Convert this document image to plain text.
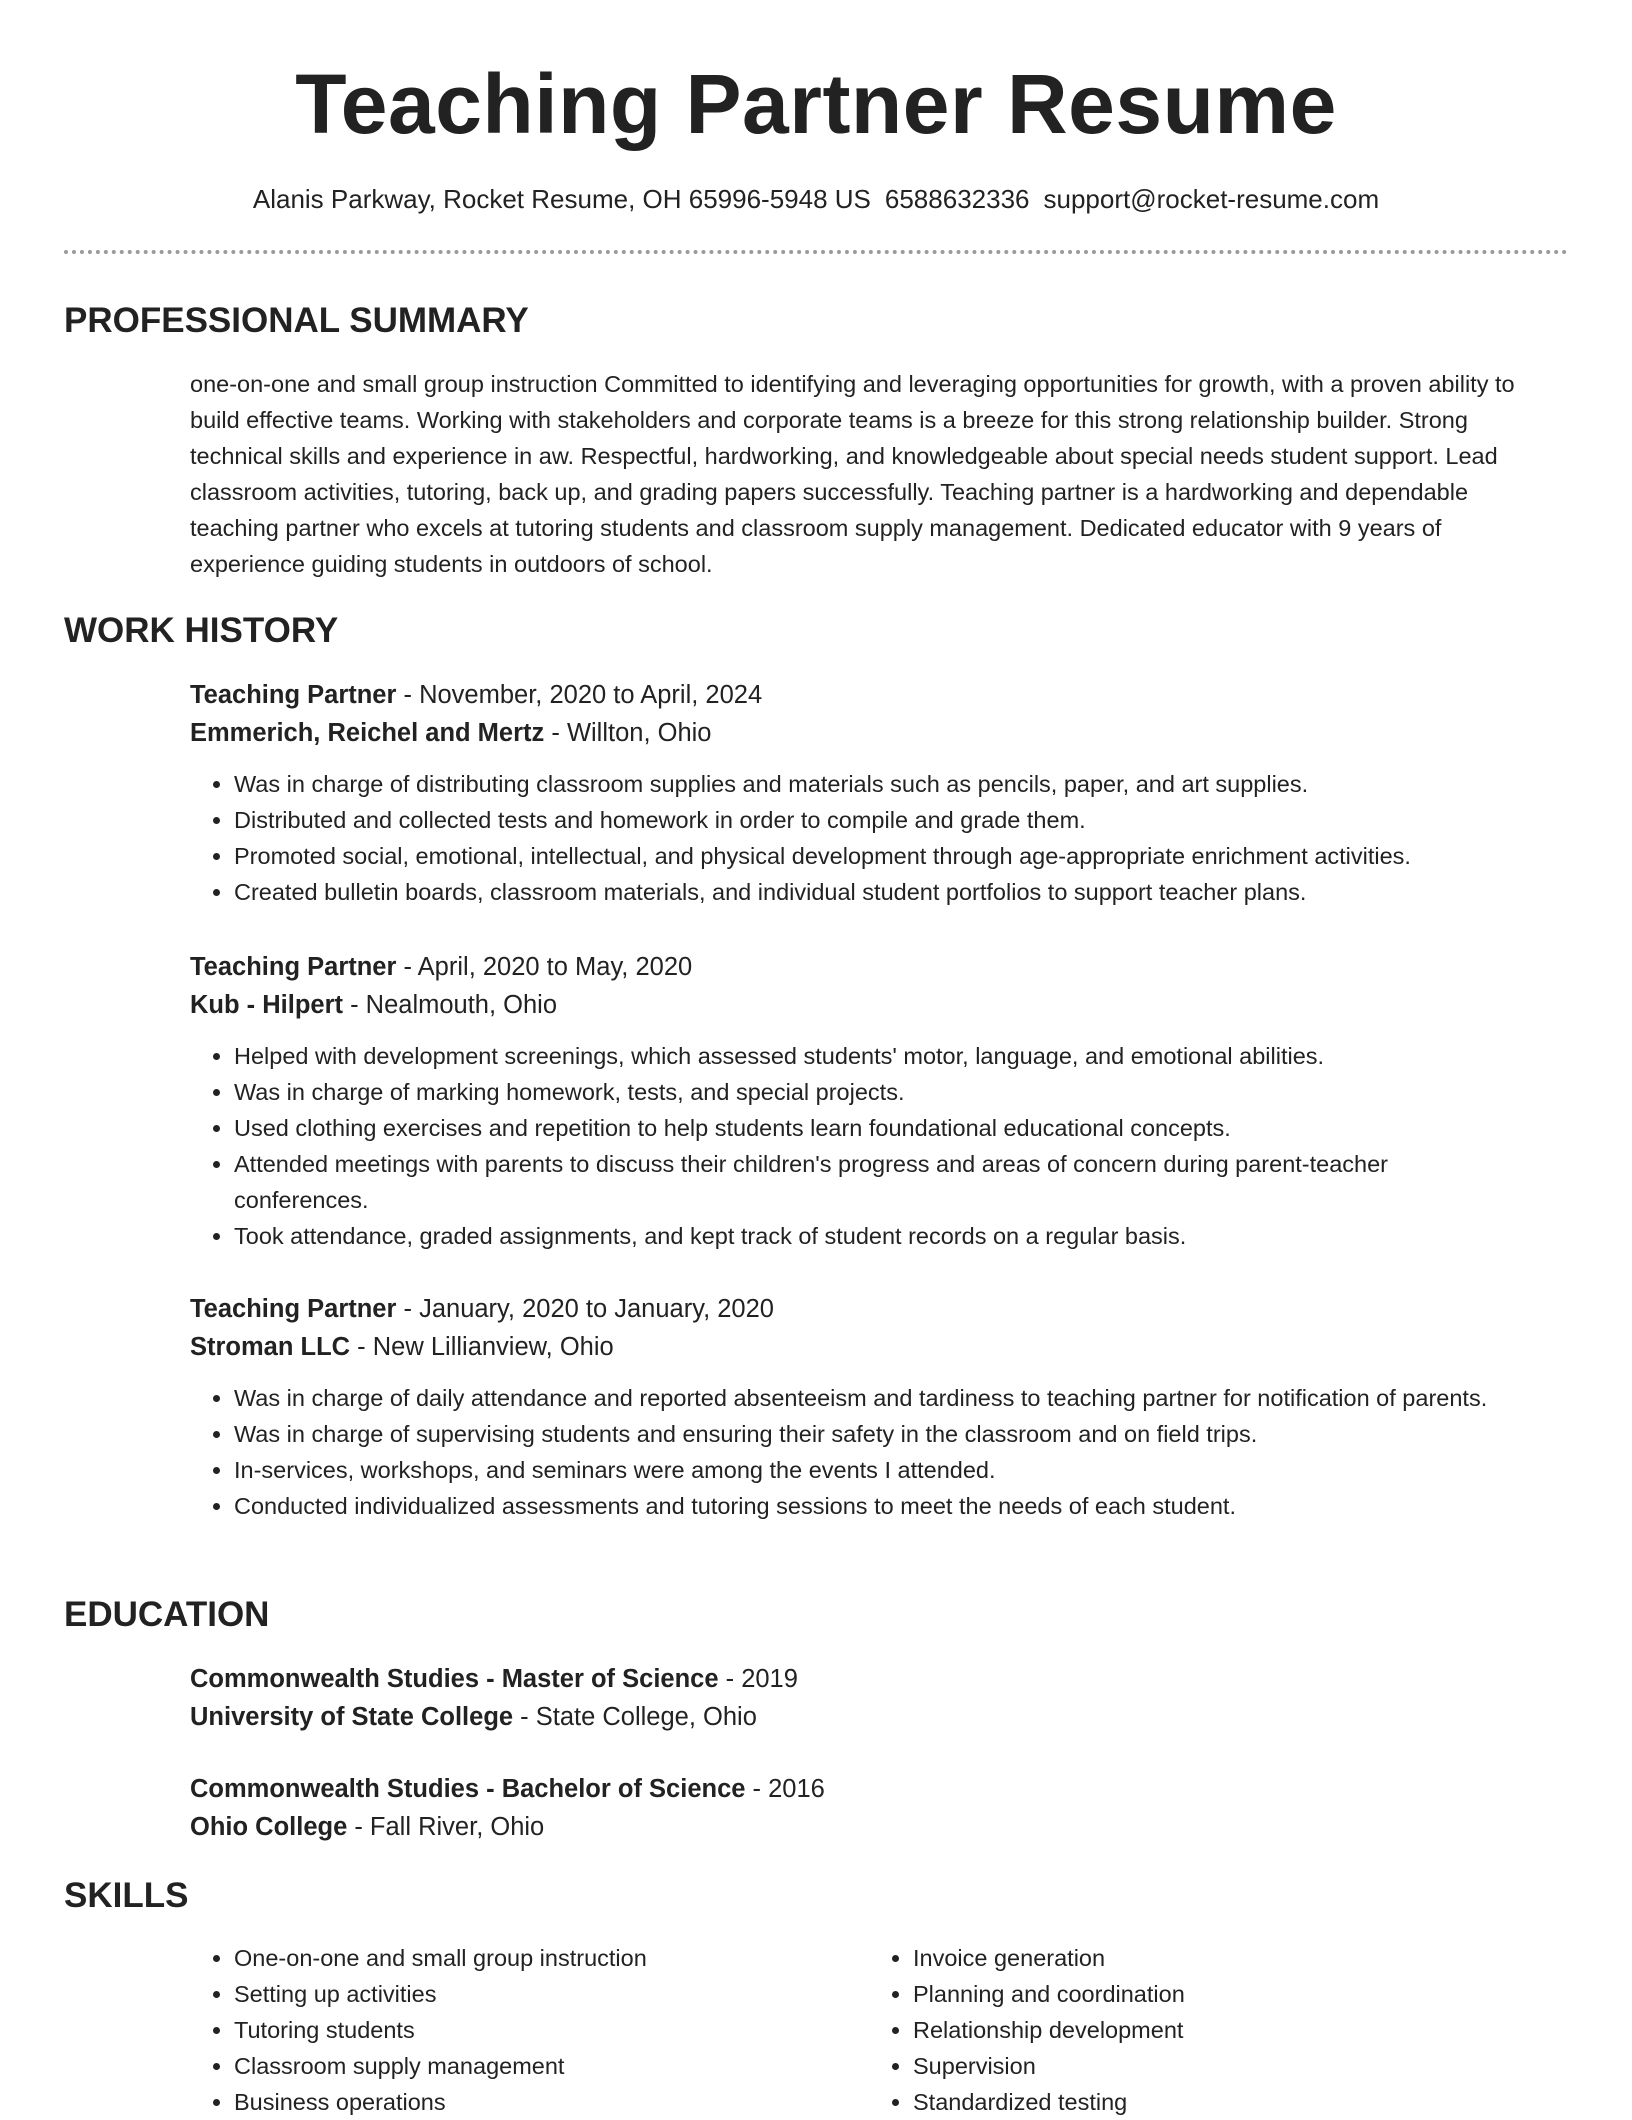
Teaching Partner Resume
Alanis Parkway, Rocket Resume, OH 65996-5948 US 6588632336 support@rocket-resume.com
PROFESSIONAL SUMMARY
one-on-one and small group instruction Committed to identifying and leveraging opportunities for growth, with a proven ability to build effective teams. Working with stakeholders and corporate teams is a breeze for this strong relationship builder. Strong technical skills and experience in aw. Respectful, hardworking, and knowledgeable about special needs student support. Lead classroom activities, tutoring, back up, and grading papers successfully. Teaching partner is a hardworking and dependable teaching partner who excels at tutoring students and classroom supply management. Dedicated educator with 9 years of experience guiding students in outdoors of school.
WORK HISTORY
Teaching Partner - November, 2020 to April, 2024
Emmerich, Reichel and Mertz - Willton, Ohio
• Was in charge of distributing classroom supplies and materials such as pencils, paper, and art supplies.
• Distributed and collected tests and homework in order to compile and grade them.
• Promoted social, emotional, intellectual, and physical development through age-appropriate enrichment activities.
• Created bulletin boards, classroom materials, and individual student portfolios to support teacher plans.
Teaching Partner - April, 2020 to May, 2020
Kub - Hilpert - Nealmouth, Ohio
• Helped with development screenings, which assessed students' motor, language, and emotional abilities.
• Was in charge of marking homework, tests, and special projects.
• Used clothing exercises and repetition to help students learn foundational educational concepts.
• Attended meetings with parents to discuss their children's progress and areas of concern during parent-teacher conferences.
• Took attendance, graded assignments, and kept track of student records on a regular basis.
Teaching Partner - January, 2020 to January, 2020
Stroman LLC - New Lillianview, Ohio
• Was in charge of daily attendance and reported absenteeism and tardiness to teaching partner for notification of parents.
• Was in charge of supervising students and ensuring their safety in the classroom and on field trips.
• In-services, workshops, and seminars were among the events I attended.
• Conducted individualized assessments and tutoring sessions to meet the needs of each student.
EDUCATION
Commonwealth Studies - Master of Science - 2019
University of State College - State College, Ohio
Commonwealth Studies - Bachelor of Science - 2016
Ohio College - Fall River, Ohio
SKILLS
• One-on-one and small group instruction
• Setting up activities
• Tutoring students
• Classroom supply management
• Business operations
• Invoice generation
• Planning and coordination
• Relationship development
• Supervision
• Standardized testing
